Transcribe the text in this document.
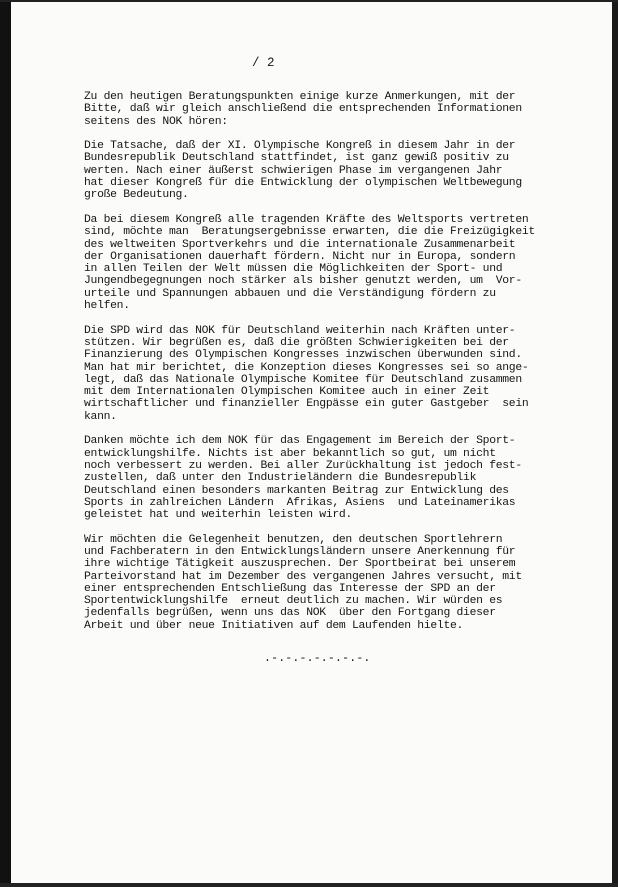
/ 2
Zu den heutigen Beratungspunkten einige kurze Anmerkungen, mit der
Bitte, daß wir gleich anschließend die entsprechenden Informationen
seitens des NOK hören:
Die Tatsache, daß der XI. Olympische Kongreß in diesem Jahr in der
Bundesrepublik Deutschland stattfindet, ist ganz gewiß positiv zu
werten. Nach einer äußerst schwierigen Phase im vergangenen Jahr
hat dieser Kongreß für die Entwicklung der olympischen Weltbewegung
große Bedeutung.
Da bei diesem Kongreß alle tragenden Kräfte des Weltsports vertreten
sind, möchte man  Beratungsergebnisse erwarten, die die Freizügigkeit
des weltweiten Sportverkehrs und die internationale Zusammenarbeit
der Organisationen dauerhaft fördern. Nicht nur in Europa, sondern
in allen Teilen der Welt müssen die Möglichkeiten der Sport- und
Jungendbegegnungen noch stärker als bisher genutzt werden, um  Vor-
urteile und Spannungen abbauen und die Verständigung fördern zu
helfen.
Die SPD wird das NOK für Deutschland weiterhin nach Kräften unter-
stützen. Wir begrüßen es, daß die größten Schwierigkeiten bei der
Finanzierung des Olympischen Kongresses inzwischen überwunden sind.
Man hat mir berichtet, die Konzeption dieses Kongresses sei so ange-
legt, daß das Nationale Olympische Komitee für Deutschland zusammen
mit dem Internationalen Olympischen Komitee auch in einer Zeit
wirtschaftlicher und finanzieller Engpässe ein guter Gastgeber  sein
kann.
Danken möchte ich dem NOK für das Engagement im Bereich der Sport-
entwicklungshilfe. Nichts ist aber bekanntlich so gut, um nicht
noch verbessert zu werden. Bei aller Zurückhaltung ist jedoch fest-
zustellen, daß unter den Industrieländern die Bundesrepublik
Deutschland einen besonders markanten Beitrag zur Entwicklung des
Sports in zahlreichen Ländern  Afrikas, Asiens  und Lateinamerikas
geleistet hat und weiterhin leisten wird.
Wir möchten die Gelegenheit benutzen, den deutschen Sportlehrern
und Fachberatern in den Entwicklungsländern unsere Anerkennung für
ihre wichtige Tätigkeit auszusprechen. Der Sportbeirat bei unserem
Parteivorstand hat im Dezember des vergangenen Jahres versucht, mit
einer entsprechenden Entschließung das Interesse der SPD an der
Sportentwicklungshilfe  erneut deutlich zu machen. Wir würden es
jedenfalls begrüßen, wenn uns das NOK  über den Fortgang dieser
Arbeit und über neue Initiativen auf dem Laufenden hielte.
.-.-.-.-.-.-.-.
